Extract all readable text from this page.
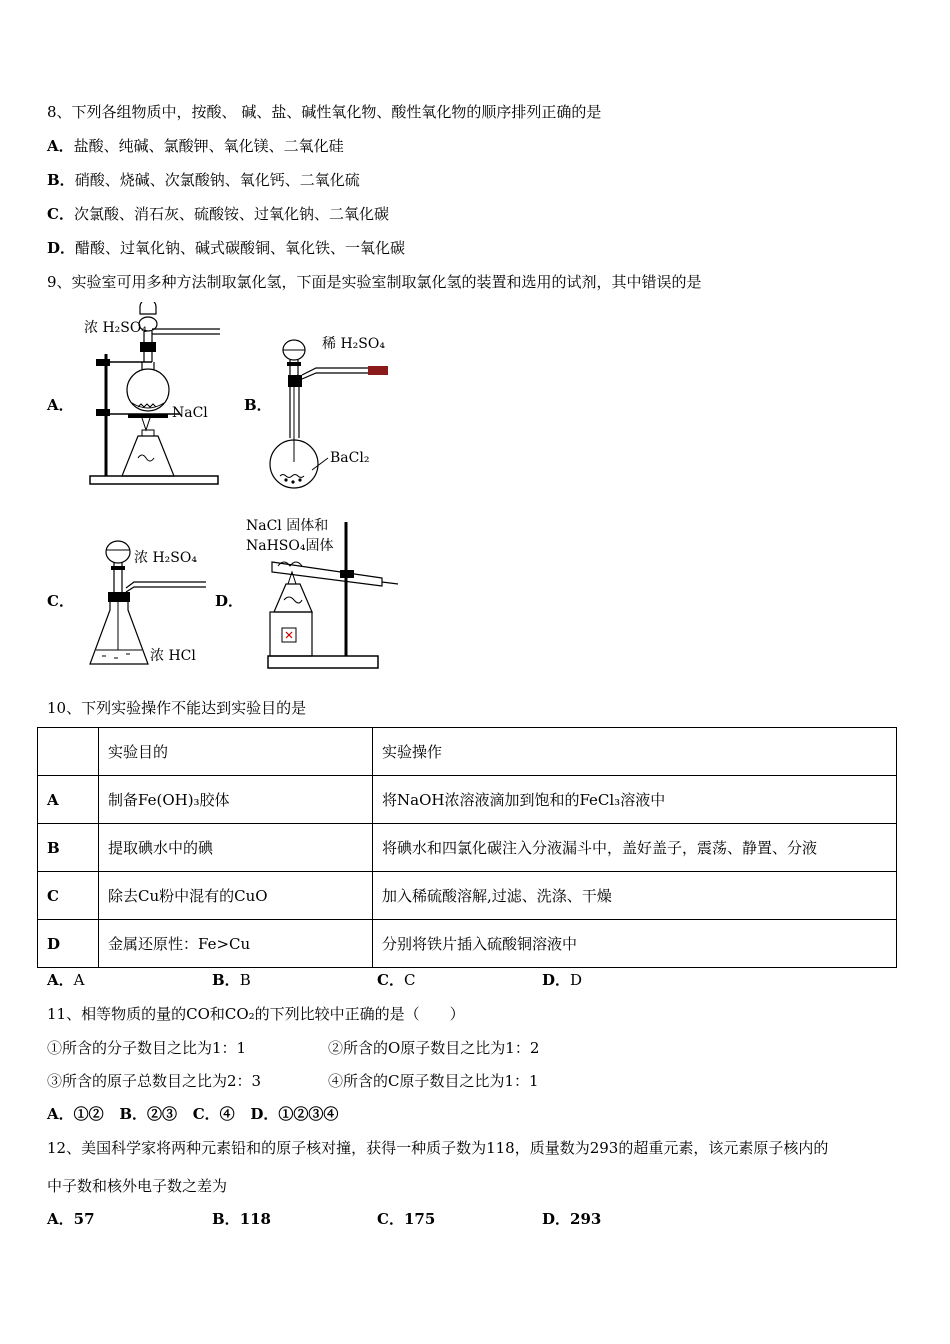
8、下列各组物质中，按酸、 碱、盐、碱性氧化物、酸性氧化物的顺序排列正确的是
A．盐酸、纯碱、氯酸钾、氧化镁、二氧化硅
B．硝酸、烧碱、次氯酸钠、氧化钙、二氧化硫
C．次氯酸、消石灰、硫酸铵、过氧化钠、二氧化碳
D．醋酸、过氧化钠、碱式碳酸铜、氧化铁、一氧化碳
9、实验室可用多种方法制取氯化氢，下面是实验室制取氯化氢的装置和选用的试剂，其中错误的是
A．
浓 H₂SO₄
NaCl B．
稀 H₂SO₄
BaCl₂
C．
浓 H₂SO₄
浓 HCl
D．
NaCl 固体和
NaHSO₄固体
10、下列实验操作不能达到实验目的是
	实验目的	实验操作
A	制备Fe(OH)₃胶体	将NaOH浓溶液滴加到饱和的FeCl₃溶液中
B	提取碘水中的碘	将碘水和四氯化碳注入分液漏斗中，盖好盖子，震荡、静置、分液
C	除去Cu粉中混有的CuO	加入稀硫酸溶解,过滤、洗涤、干燥
D	金属还原性：Fe>Cu	分别将铁片插入硫酸铜溶液中
A．A	B．B	C．C	D．D
11、相等物质的量的CO和CO₂的下列比较中正确的是（　　）
①所含的分子数目之比为1：1	②所含的O原子数目之比为1：2
③所含的原子总数目之比为2：3	④所含的C原子数目之比为1：1
A．①② B．②③ C．④ D．①②③④
12、美国科学家将两种元素铅和的原子核对撞，获得一种质子数为118，质量数为293的超重元素，该元素原子核内的
中子数和核外电子数之差为
A．57	B．118	C．175	D．293
